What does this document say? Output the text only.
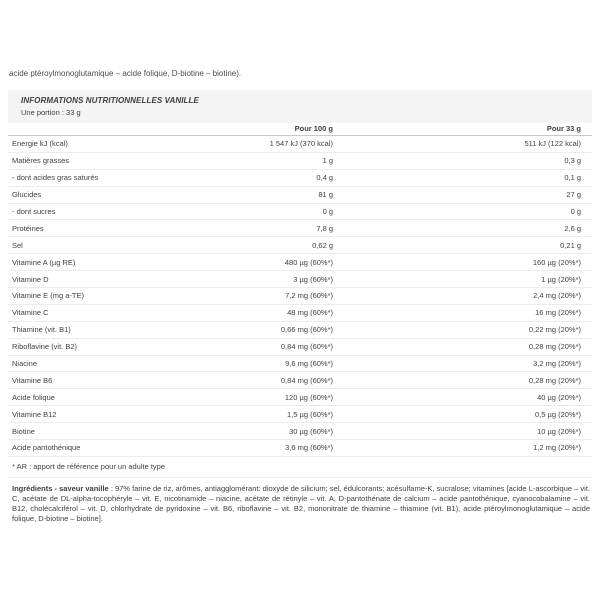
acide ptéroylmonoglutamique – acide folique, D-biotine – biotine).
INFORMATIONS NUTRITIONNELLES VANILLE
Une portion : 33 g
Pour 100 g	Pour 33 g
Energie kJ (kcal)	1 547 kJ (370 kcal)	511 kJ (122 kcal)
Matières grasses	1 g	0,3 g
- dont acides gras saturés	0,4 g	0,1 g
Glucides	81 g	27 g
- dont sucres	0 g	0 g
Protéines	7,8 g	2,6 g
Sel	0,62 g	0,21 g
Vitamine A (µg RE)	480 µg (60%*)	160 µg (20%*)
Vitamine D	3 µg (60%*)	1 µg (20%*)
Vitamine E (mg a-TE)	7,2 mg (60%*)	2,4 mg (20%*)
Vitamine C	48 mg (60%*)	16 mg (20%*)
Thiamine (vit. B1)	0,66 mg (60%*)	0,22 mg (20%*)
Riboflavine (vit. B2)	0,84 mg (60%*)	0,28 mg (20%*)
Niacine	9,6 mg (60%*)	3,2 mg (20%*)
Vitamine B6	0,84 mg (60%*)	0,28 mg (20%*)
Acide folique	120 µg (60%*)	40 µg (20%*)
Vitamine B12	1,5 µg (60%*)	0,5 µg (20%*)
Biotine	30 µg (60%*)	10 µg (20%*)
Acide pantothénique	3,6 mg (60%*)	1,2 mg (20%*)
* AR : apport de référence pour un adulte type
Ingrédients - saveur vanille : 97% farine de riz, arômes, antiagglomérant: dioxyde de silicium; sel, édulcorants: acésulfame-K, sucralose; vitamines [acide L-ascorbique – vit. C, acétate de DL-alpha-tocophéryle – vit. E, nicotinamide – niacine, acétate de rétinyle – vit. A, D-pantothénate de calcium – acide pantothénique, cyanocobalamine – vit. B12, cholécalciférol – vit. D, chlorhydrate de pyridoxine – vit. B6, riboflavine – vit. B2, mononitrate de thiamine – thiamine (vit. B1), acide ptéroylmonoglutamique – acide folique, D-biotine – biotine].
